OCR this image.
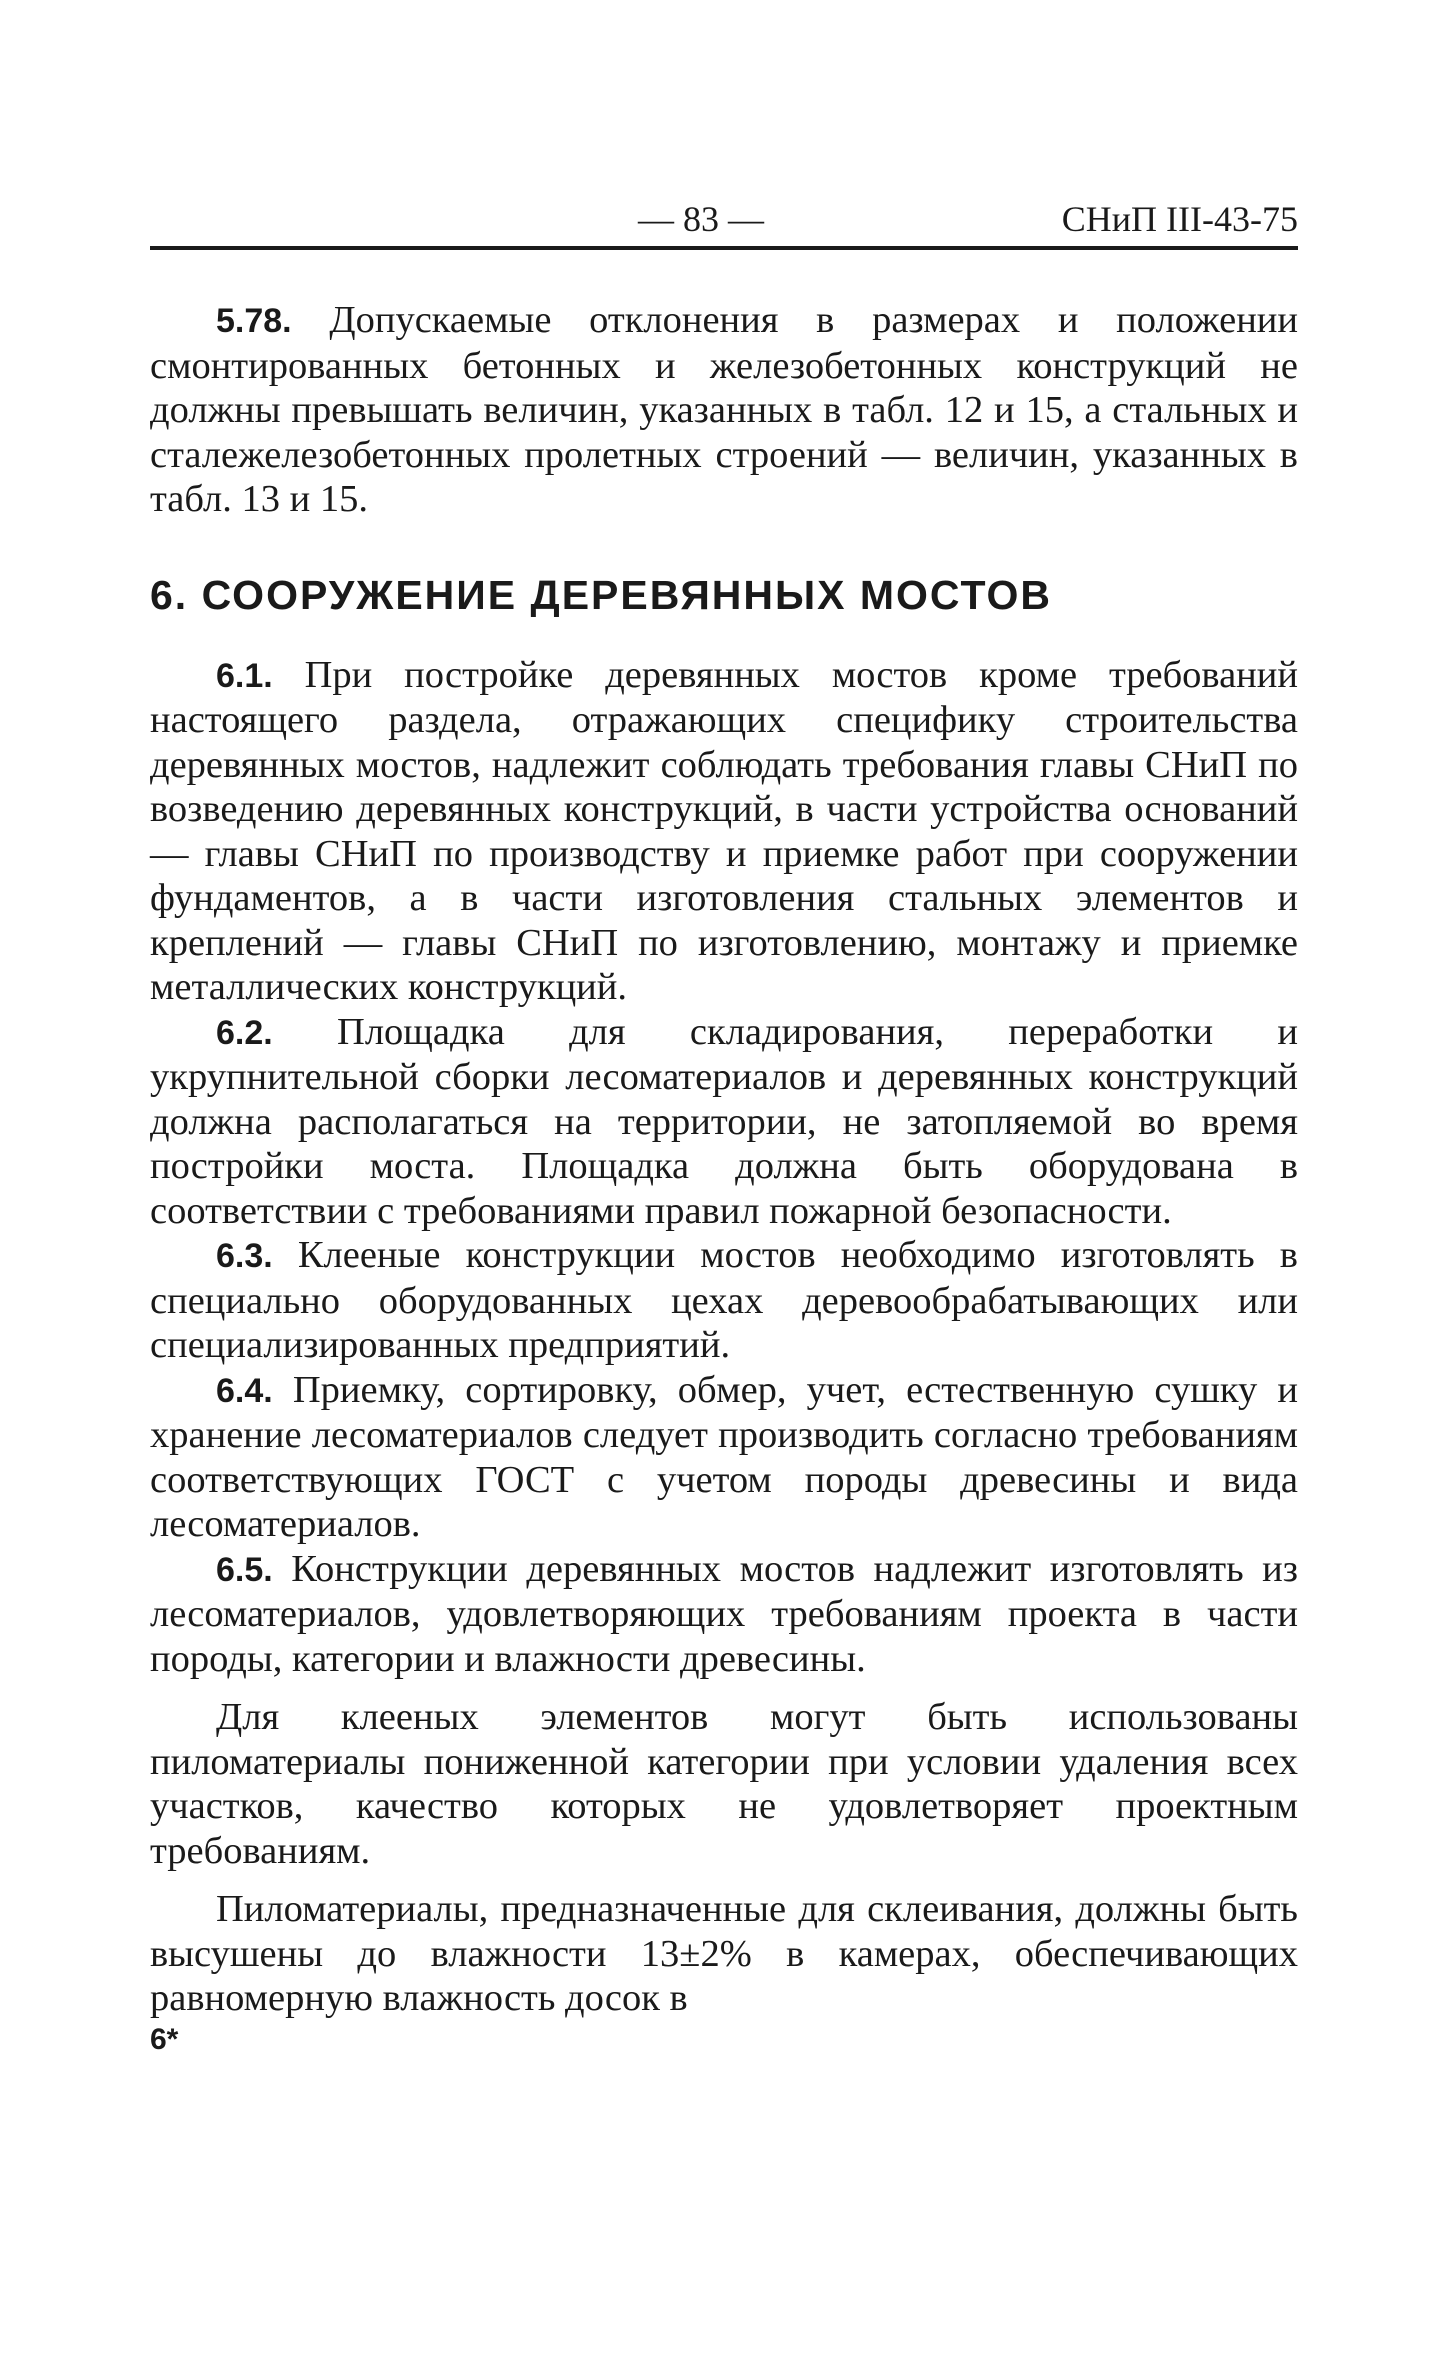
— 83 —	СНиП III-43-75

5.78. Допускаемые отклонения в размерах и положении смонтированных бетонных и железобетонных конструкций не должны превышать величин, указанных в табл. 12 и 15, а стальных и сталежелезобетонных пролетных строений — величин, указанных в табл. 13 и 15.

6. СООРУЖЕНИЕ ДЕРЕВЯННЫХ МОСТОВ

6.1. При постройке деревянных мостов кроме требований настоящего раздела, отражающих специфику строительства деревянных мостов, надлежит соблюдать требования главы СНиП по возведению деревянных конструкций, в части устройства оснований — главы СНиП по производству и приемке работ при сооружении фундаментов, а в части изготовления стальных элементов и креплений — главы СНиП по изготовлению, монтажу и приемке металлических конструкций.

6.2. Площадка для складирования, переработки и укрупнительной сборки лесоматериалов и деревянных конструкций должна располагаться на территории, не затопляемой во время постройки моста. Площадка должна быть оборудована в соответствии с требованиями правил пожарной безопасности.

6.3. Клееные конструкции мостов необходимо изготовлять в специально оборудованных цехах деревообрабатывающих или специализированных предприятий.

6.4. Приемку, сортировку, обмер, учет, естественную сушку и хранение лесоматериалов следует производить согласно требованиям соответствующих ГОСТ с учетом породы древесины и вида лесоматериалов.

6.5. Конструкции деревянных мостов надлежит изготовлять из лесоматериалов, удовлетворяющих требованиям проекта в части породы, категории и влажности древесины.

Для клееных элементов могут быть использованы пиломатериалы пониженной категории при условии удаления всех участков, качество которых не удовлетворяет проектным требованиям.

Пиломатериалы, предназначенные для склеивания, должны быть высушены до влажности 13±2% в камерах, обеспечивающих равномерную влажность досок в

6*
